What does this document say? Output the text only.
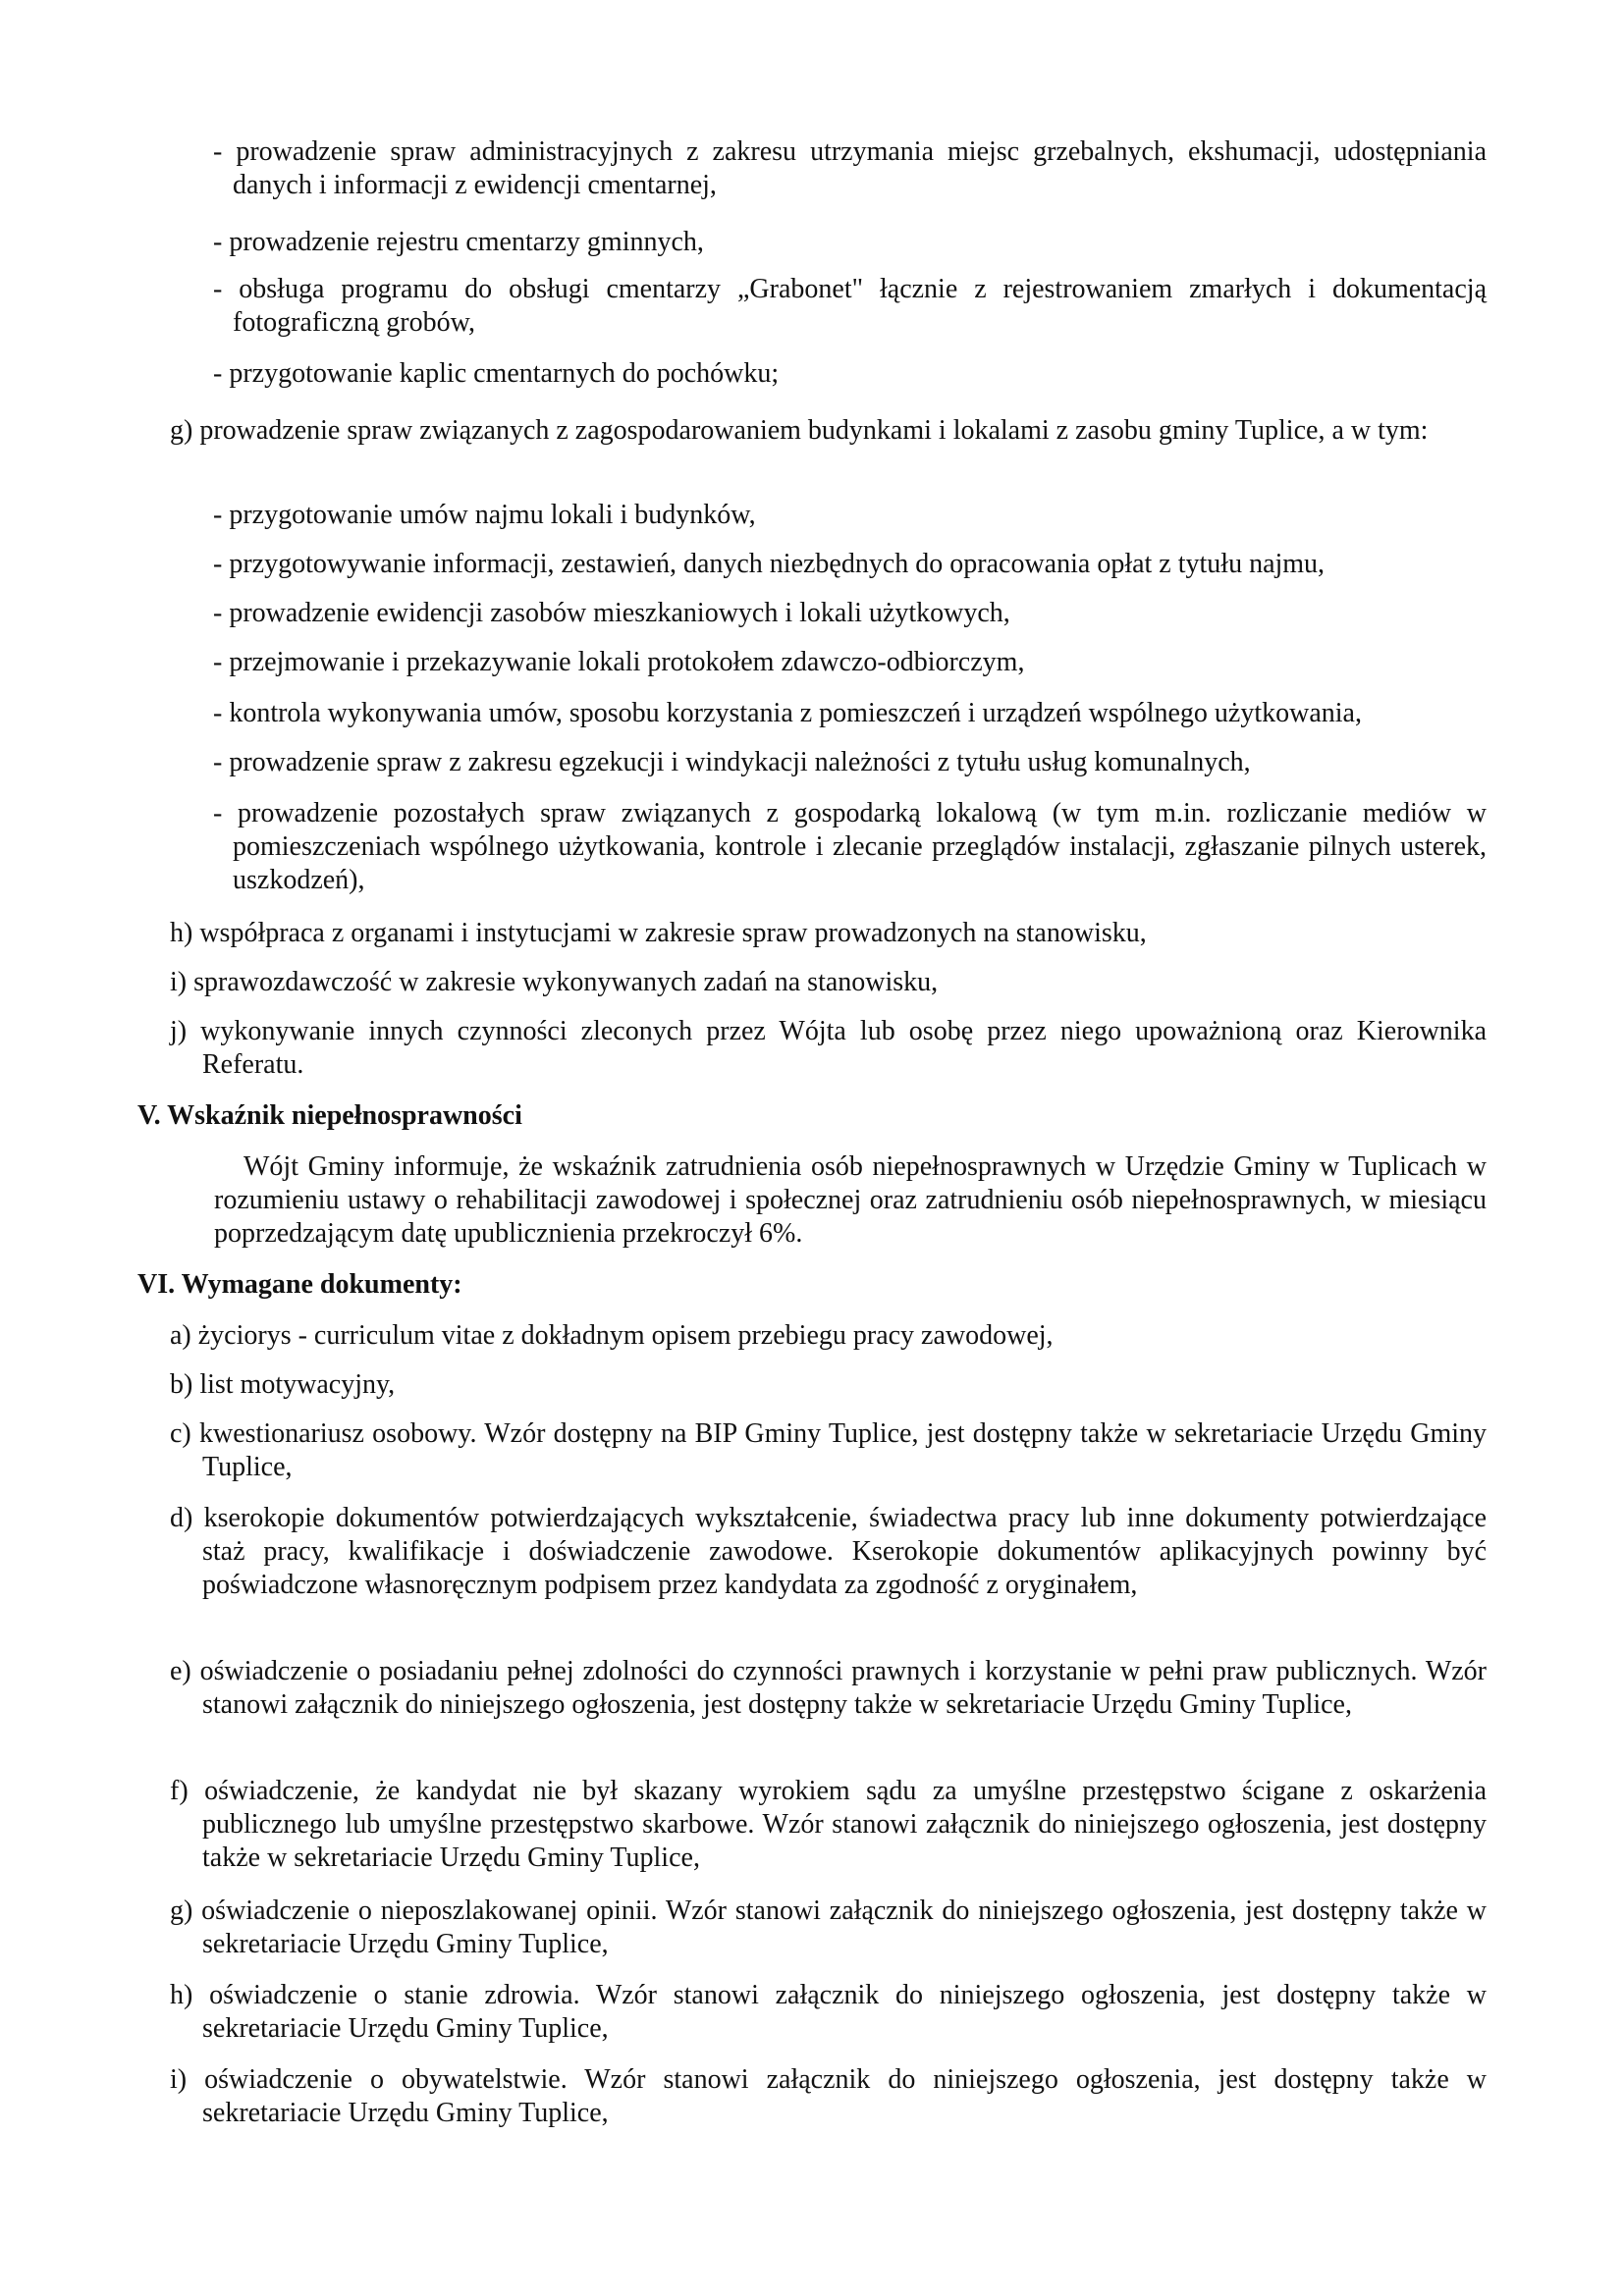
- prowadzenie spraw administracyjnych z zakresu utrzymania miejsc grzebalnych, ekshumacji, udostępniania danych i informacji z ewidencji cmentarnej,

- prowadzenie rejestru cmentarzy gminnych,

- obsługa programu do obsługi cmentarzy „Grabonet" łącznie z rejestrowaniem zmarłych i dokumentacją fotograficzną grobów,

- przygotowanie kaplic cmentarnych do pochówku;

g) prowadzenie spraw związanych z zagospodarowaniem budynkami i lokalami z zasobu gminy Tuplice, a w tym:

- przygotowanie umów najmu lokali i budynków,

- przygotowywanie informacji, zestawień, danych niezbędnych do opracowania opłat z tytułu najmu,

- prowadzenie ewidencji zasobów mieszkaniowych i lokali użytkowych,

- przejmowanie i przekazywanie lokali protokołem zdawczo-odbiorczym,

- kontrola wykonywania umów, sposobu korzystania z pomieszczeń i urządzeń wspólnego użytkowania,

- prowadzenie spraw z zakresu egzekucji i windykacji należności z tytułu usług komunalnych,

- prowadzenie pozostałych spraw związanych z gospodarką lokalową (w tym m.in. rozliczanie mediów w pomieszczeniach wspólnego użytkowania, kontrole i zlecanie przeglądów instalacji, zgłaszanie pilnych usterek, uszkodzeń),

h) współpraca z organami i instytucjami w zakresie spraw prowadzonych na stanowisku,

i) sprawozdawczość w zakresie wykonywanych zadań na stanowisku,

j) wykonywanie innych czynności zleconych przez Wójta lub osobę przez niego upoważnioną oraz Kierownika Referatu.

V. Wskaźnik niepełnosprawności

Wójt Gminy informuje, że wskaźnik zatrudnienia osób niepełnosprawnych w Urzędzie Gminy w Tuplicach w rozumieniu ustawy o rehabilitacji zawodowej i społecznej oraz zatrudnieniu osób niepełnosprawnych, w miesiącu poprzedzającym datę upublicznienia przekroczył 6%.

VI. Wymagane dokumenty:

a) życiorys - curriculum vitae z dokładnym opisem przebiegu pracy zawodowej,

b) list motywacyjny,

c) kwestionariusz osobowy. Wzór dostępny na BIP Gminy Tuplice, jest dostępny także w sekretariacie Urzędu Gminy Tuplice,

d) kserokopie dokumentów potwierdzających wykształcenie, świadectwa pracy lub inne dokumenty potwierdzające staż pracy, kwalifikacje i doświadczenie zawodowe. Kserokopie dokumentów aplikacyjnych powinny być poświadczone własnoręcznym podpisem przez kandydata za zgodność z oryginałem,

e) oświadczenie o posiadaniu pełnej zdolności do czynności prawnych i korzystanie w pełni praw publicznych. Wzór stanowi załącznik do niniejszego ogłoszenia, jest dostępny także w sekretariacie Urzędu Gminy Tuplice,

f) oświadczenie, że kandydat nie był skazany wyrokiem sądu za umyślne przestępstwo ścigane z oskarżenia publicznego lub umyślne przestępstwo skarbowe. Wzór stanowi załącznik do niniejszego ogłoszenia, jest dostępny także w sekretariacie Urzędu Gminy Tuplice,

g) oświadczenie o nieposzlakowanej opinii. Wzór stanowi załącznik do niniejszego ogłoszenia, jest dostępny także w sekretariacie Urzędu Gminy Tuplice,

h) oświadczenie o stanie zdrowia. Wzór stanowi załącznik do niniejszego ogłoszenia, jest dostępny także w sekretariacie Urzędu Gminy Tuplice,

i) oświadczenie o obywatelstwie. Wzór stanowi załącznik do niniejszego ogłoszenia, jest dostępny także w sekretariacie Urzędu Gminy Tuplice,
